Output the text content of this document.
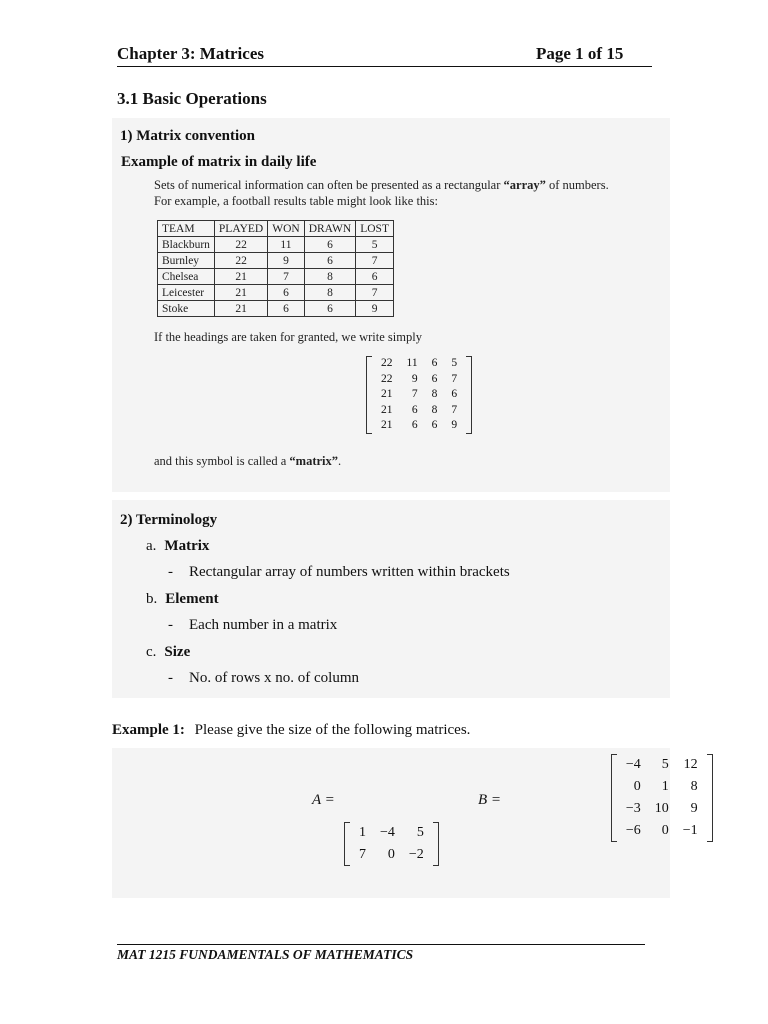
Chapter 3: Matrices	Page 1 of 15
3.1 Basic Operations
1) Matrix convention
Example of matrix in daily life
Sets of numerical information can often be presented as a rectangular “array” of numbers.
For example, a football results table might look like this:
TEAM	PLAYED	WON	DRAWN	LOST
Blackburn	22	11	6	5
Burnley	22	9	6	7
Chelsea	21	7	8	6
Leicester	21	6	8	7
Stoke	21	6	6	9
If the headings are taken for granted, we write simply
22	11	6	5
22	9	6	7
21	7	8	6
21	6	8	7
21	6	6	9
and this symbol is called a “matrix”.
2) Terminology
a. Matrix
- Rectangular array of numbers written within brackets
b. Element
- Each number in a matrix
c. Size
- No. of rows x no. of column
Example 1: Please give the size of the following matrices.
A =
1	−4	5
7	0	−2

B =
−4	5	12
0	1	8
−3	10	9
−6	0	−1
MAT 1215 FUNDAMENTALS OF MATHEMATICS
